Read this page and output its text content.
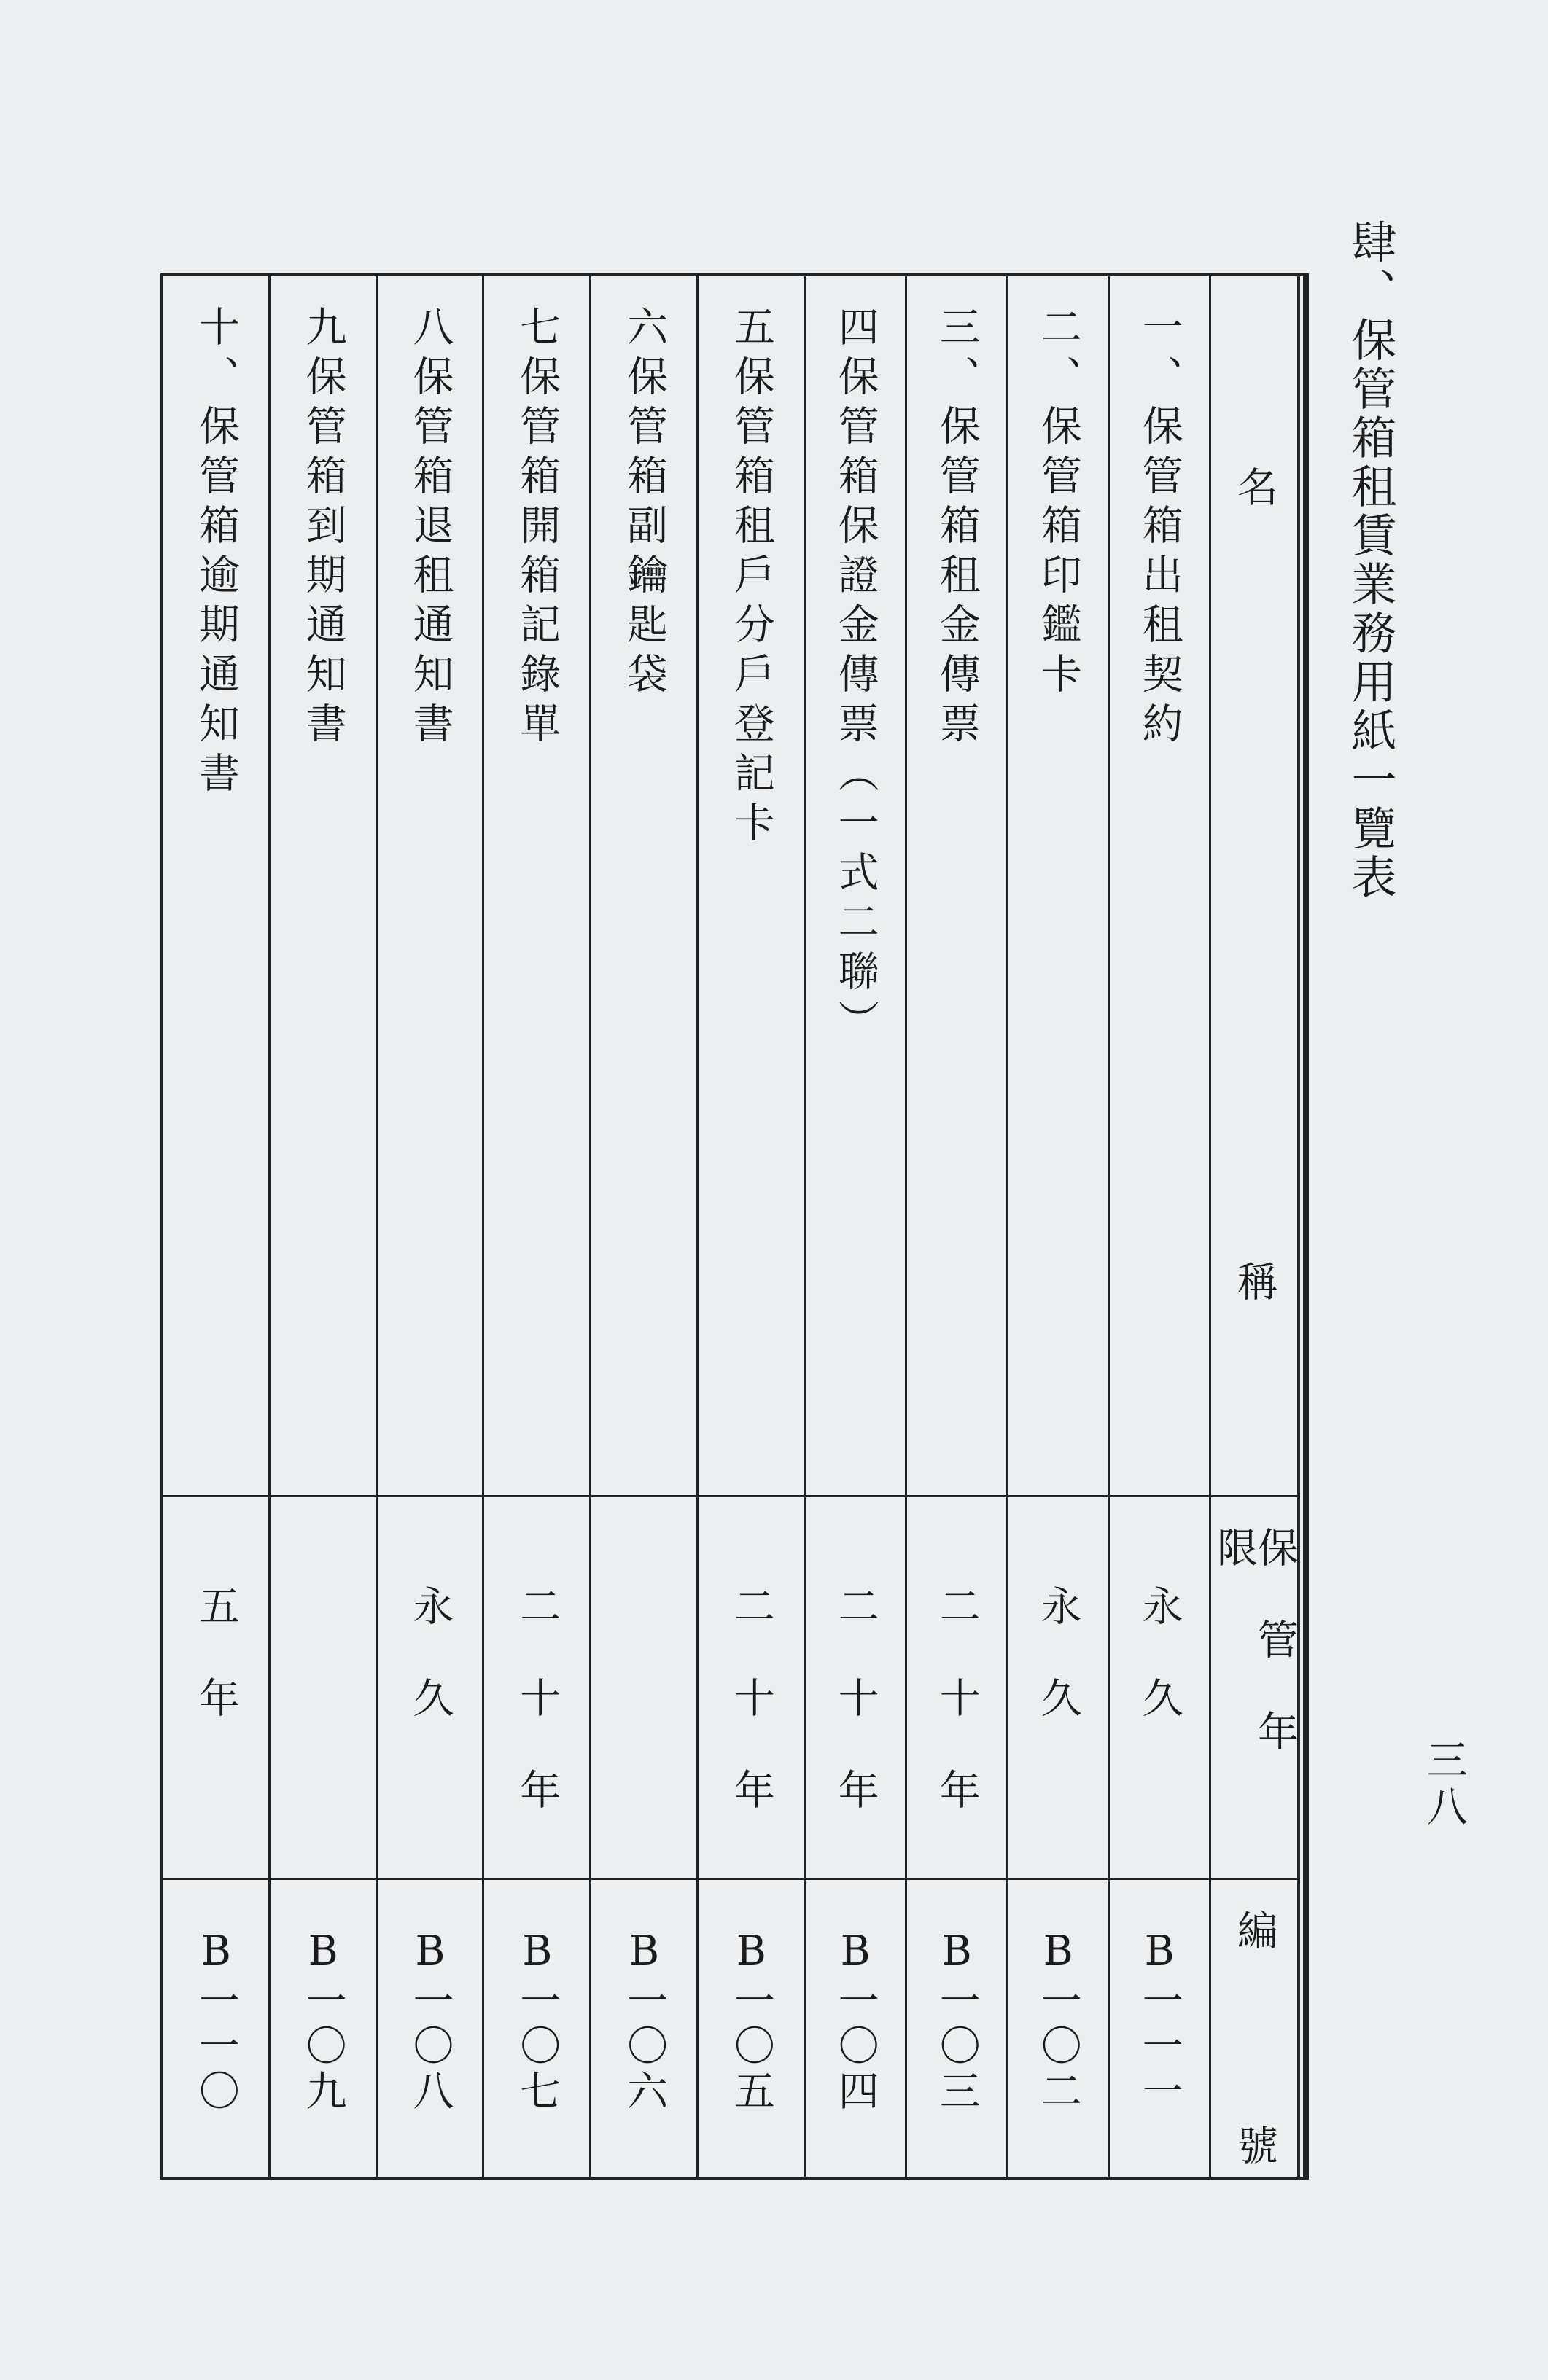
肆、保管箱租賃業務用紙一覽表
三八
名
稱
保管年限
編
號
一、保管箱出租契約
永久
B一一一
二、保管箱印鑑卡
永久
B一〇二
三、保管箱租金傳票
二十年
B一〇三
四保管箱保證金傳票（一式二聯）
二十年
B一〇四
五保管箱租戶分戶登記卡
二十年
B一〇五
六保管箱副鑰匙袋
B一〇六
七保管箱開箱記錄單
二十年
B一〇七
八保管箱退租通知書
永久
B一〇八
九保管箱到期通知書
B一〇九
十、保管箱逾期通知書
五年
B一一〇
